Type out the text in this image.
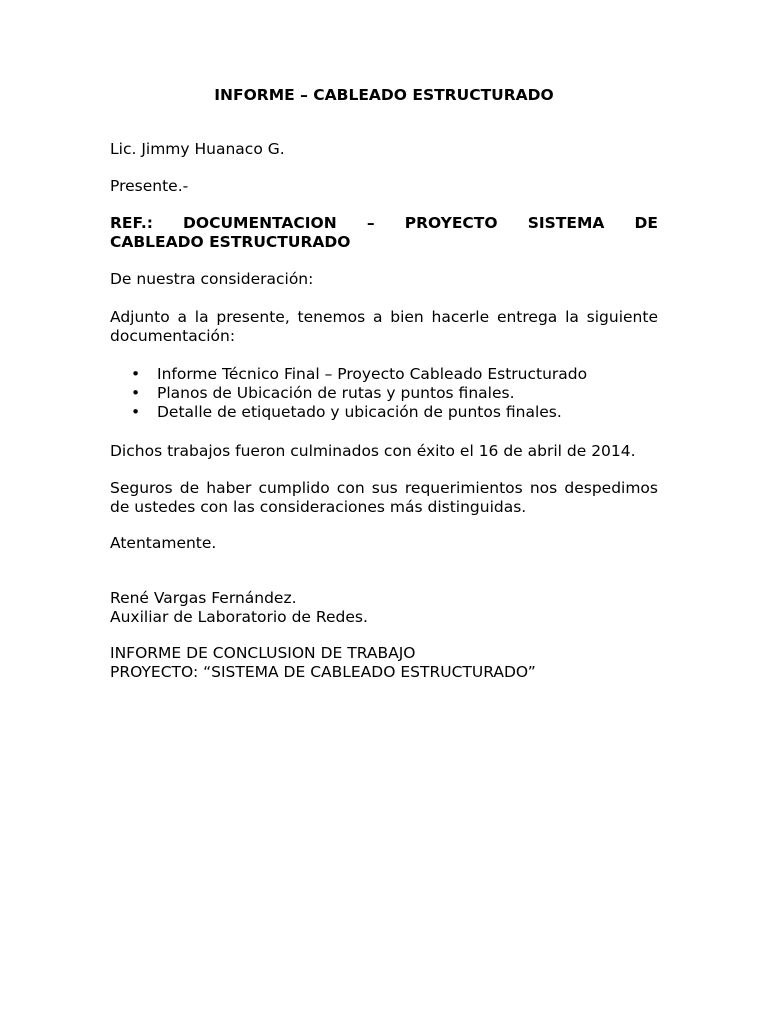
INFORME – CABLEADO ESTRUCTURADO

Lic. Jimmy Huanaco G.

Presente.-

REF.: DOCUMENTACION – PROYECTO SISTEMA DE

CABLEADO ESTRUCTURADO

De nuestra consideración:

Adjunto a la presente, tenemos a bien hacerle entrega la siguiente documentación:

• Informe Técnico Final – Proyecto Cableado Estructurado
• Planos de Ubicación de rutas y puntos finales.
• Detalle de etiquetado y ubicación de puntos finales.

Dichos trabajos fueron culminados con éxito el 16 de abril de 2014.

Seguros de haber cumplido con sus requerimientos nos despedimos de ustedes con las consideraciones más distinguidas.

Atentamente.

René Vargas Fernández.

Auxiliar de Laboratorio de Redes.

INFORME DE CONCLUSION DE TRABAJO

PROYECTO: “SISTEMA DE CABLEADO ESTRUCTURADO”
